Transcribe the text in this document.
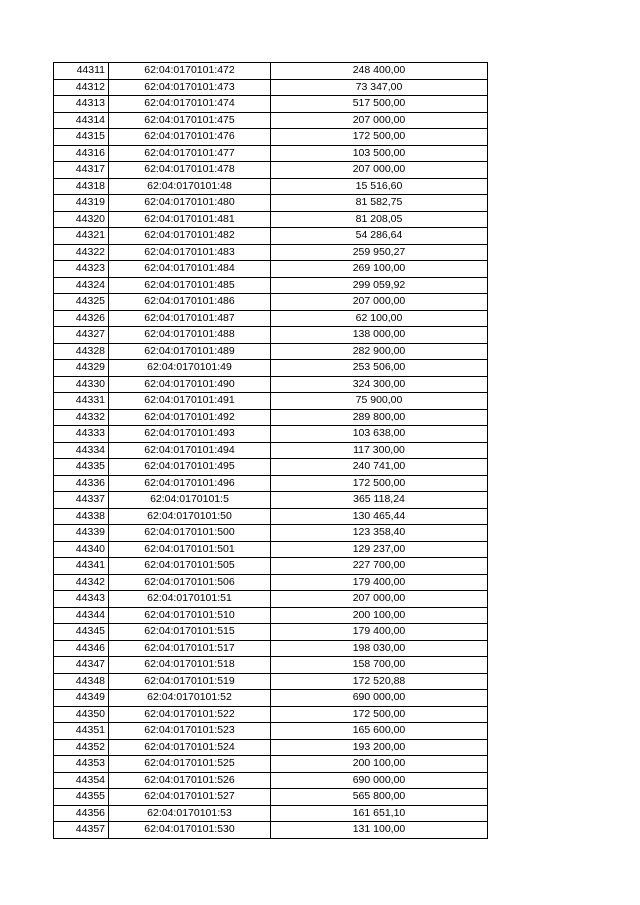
44311	62:04:0170101:472	248 400,00
44312	62:04:0170101:473	73 347,00
44313	62:04:0170101:474	517 500,00
44314	62:04:0170101:475	207 000,00
44315	62:04:0170101:476	172 500,00
44316	62:04:0170101:477	103 500,00
44317	62:04:0170101:478	207 000,00
44318	62:04:0170101:48	15 516,60
44319	62:04:0170101:480	81 582,75
44320	62:04:0170101:481	81 208,05
44321	62:04:0170101:482	54 286,64
44322	62:04:0170101:483	259 950,27
44323	62:04:0170101:484	269 100,00
44324	62:04:0170101:485	299 059,92
44325	62:04:0170101:486	207 000,00
44326	62:04:0170101:487	62 100,00
44327	62:04:0170101:488	138 000,00
44328	62:04:0170101:489	282 900,00
44329	62:04:0170101:49	253 506,00
44330	62:04:0170101:490	324 300,00
44331	62:04:0170101:491	75 900,00
44332	62:04:0170101:492	289 800,00
44333	62:04:0170101:493	103 638,00
44334	62:04:0170101:494	117 300,00
44335	62:04:0170101:495	240 741,00
44336	62:04:0170101:496	172 500,00
44337	62:04:0170101:5	365 118,24
44338	62:04:0170101:50	130 465,44
44339	62:04:0170101:500	123 358,40
44340	62:04:0170101:501	129 237,00
44341	62:04:0170101:505	227 700,00
44342	62:04:0170101:506	179 400,00
44343	62:04:0170101:51	207 000,00
44344	62:04:0170101:510	200 100,00
44345	62:04:0170101:515	179 400,00
44346	62:04:0170101:517	198 030,00
44347	62:04:0170101:518	158 700,00
44348	62:04:0170101:519	172 520,88
44349	62:04:0170101:52	690 000,00
44350	62:04:0170101:522	172 500,00
44351	62:04:0170101:523	165 600,00
44352	62:04:0170101:524	193 200,00
44353	62:04:0170101:525	200 100,00
44354	62:04:0170101:526	690 000,00
44355	62:04:0170101:527	565 800,00
44356	62:04:0170101:53	161 651,10
44357	62:04:0170101:530	131 100,00
